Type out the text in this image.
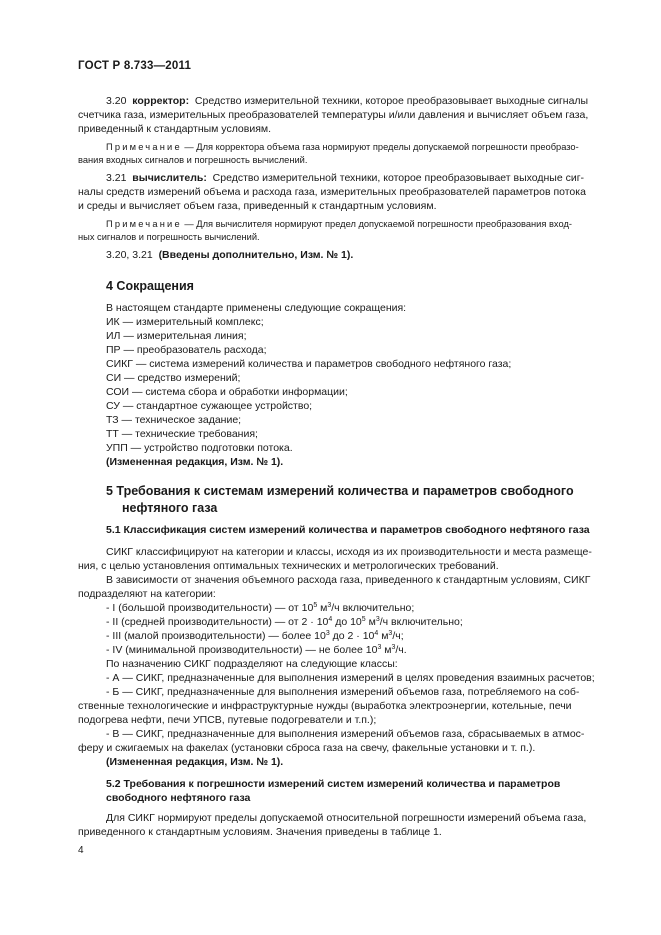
ГОСТ Р 8.733—2011
3.20 корректор: Средство измерительной техники, которое преобразовывает выходные сигналы
счетчика газа, измерительных преобразователей температуры и/или давления и вычисляет объем газа,
приведенный к стандартным условиям.
Примечание — Для корректора объема газа нормируют пределы допускаемой погрешности преобразо-
вания входных сигналов и погрешность вычислений.
3.21 вычислитель: Средство измерительной техники, которое преобразовывает выходные сиг-
налы средств измерений объема и расхода газа, измерительных преобразователей параметров потока
и среды и вычисляет объем газа, приведенный к стандартным условиям.
Примечание — Для вычислителя нормируют предел допускаемой погрешности преобразования вход-
ных сигналов и погрешность вычислений.
3.20, 3.21 (Введены дополнительно, Изм. № 1).
4 Сокращения
В настоящем стандарте применены следующие сокращения:
ИК — измерительный комплекс;
ИЛ — измерительная линия;
ПР — преобразователь расхода;
СИКГ — система измерений количества и параметров свободного нефтяного газа;
СИ — средство измерений;
СОИ — система сбора и обработки информации;
СУ — стандартное сужающее устройство;
ТЗ — техническое задание;
ТТ — технические требования;
УПП — устройство подготовки потока.
(Измененная редакция, Изм. № 1).
5 Требования к системам измерений количества и параметров свободного
нефтяного газа
5.1 Классификация систем измерений количества и параметров свободного нефтяного газа
СИКГ классифицируют на категории и классы, исходя из их производительности и места размеще-
ния, с целью установления оптимальных технических и метрологических требований.
В зависимости от значения объемного расхода газа, приведенного к стандартным условиям, СИКГ
подразделяют на категории:
- I (большой производительности) — от $10^5$ $м^3/ч$ включительно;
- II (средней производительности) — от $2 \cdot 10^4$ до $10^5$ $м^3/ч$ включительно;
- III (малой производительности) — более $10^3$ до $2 \cdot 10^4$ $м^3/ч$;
- IV (минимальной производительности) — не более $10^3$ $м^3/ч$.
По назначению СИКГ подразделяют на следующие классы:
- А — СИКГ, предназначенные для выполнения измерений в целях проведения взаимных расчетов;
- Б — СИКГ, предназначенные для выполнения измерений объемов газа, потребляемого на соб-
ственные технологические и инфраструктурные нужды (выработка электроэнергии, котельные, печи
подогрева нефти, печи УПСВ, путевые подогреватели и т.п.);
- В — СИКГ, предназначенные для выполнения измерений объемов газа, сбрасываемых в атмос-
феру и сжигаемых на факелах (установки сброса газа на свечу, факельные установки и т. п.).
(Измененная редакция, Изм. № 1).
5.2 Требования к погрешности измерений систем измерений количества и параметров
свободного нефтяного газа
Для СИКГ нормируют пределы допускаемой относительной погрешности измерений объема газа,
приведенного к стандартным условиям. Значения приведены в таблице 1.
4
